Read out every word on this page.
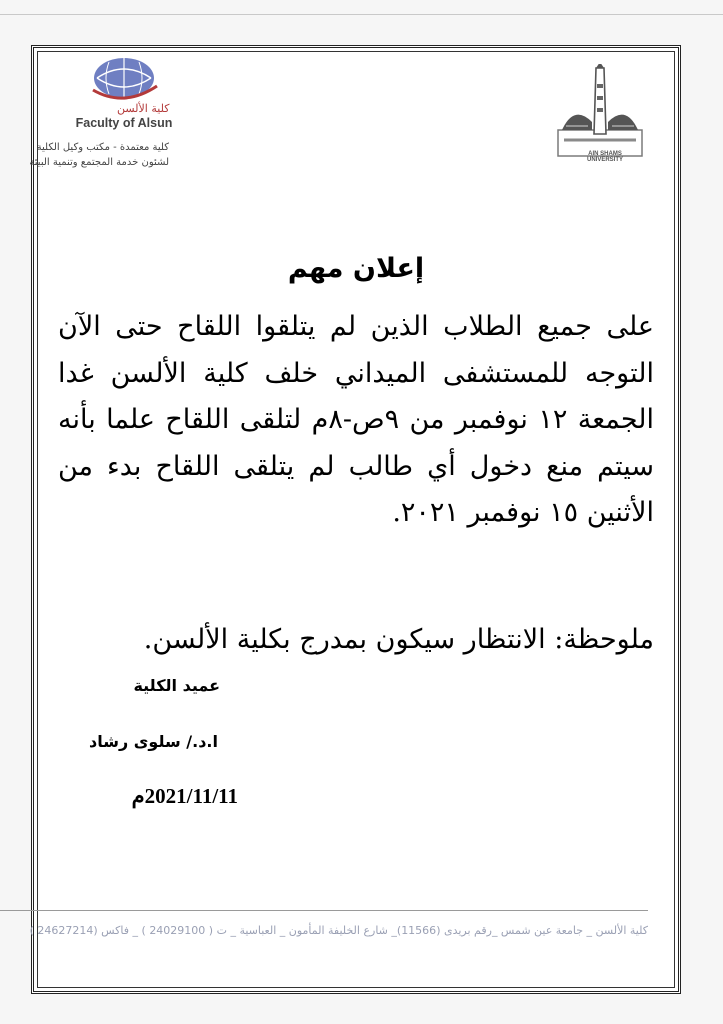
كلية الألسن
Faculty of Alsun
كلية معتمدة - مكتب وكيل الكلية
لشئون خدمة المجتمع وتنمية البيئة
AIN SHAMS UNIVERSITY
إعلان مهم
على جميع الطلاب الذين لم يتلقوا اللقاح حتى الآن التوجه للمستشفى الميداني خلف كلية الألسن غدا الجمعة ١٢ نوفمبر من ٩ص-٨م لتلقى اللقاح علما بأنه سيتم منع دخول أي طالب لم يتلقى اللقاح بدء من الأثنين ١٥ نوفمبر ٢٠٢١.
ملوحظة: الانتظار سيكون بمدرج بكلية الألسن.
عميد الكلية
ا.د./ سلوى رشاد
2021/11/11م
كلية الألسن _ جامعة عين شمس _رقم بريدى (11566)_ شارع الخليفة المأمون _ العباسية _ ت ( 24029100 ) _ فاكس (24627214 )
